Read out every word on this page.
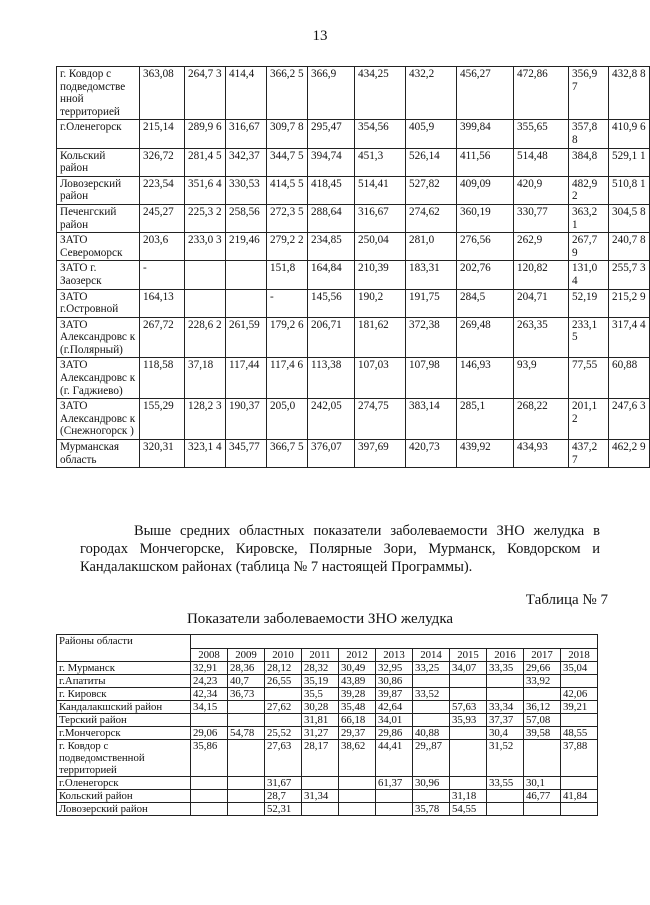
13
г. Ковдор с подведомстве нной территорией	363,08	264,7 3	414,4	366,2 5	366,9	434,25	432,2	456,27	472,86	356,9 7	432,8 8
г.Оленегорск	215,14	289,9 6	316,67	309,7 8	295,47	354,56	405,9	399,84	355,65	357,8 8	410,9 6
Кольский район	326,72	281,4 5	342,37	344,7 5	394,74	451,3	526,14	411,56	514,48	384,8	529,1 1
Ловозерский район	223,54	351,6 4	330,53	414,5 5	418,45	514,41	527,82	409,09	420,9	482,9 2	510,8 1
Печенгский район	245,27	225,3 2	258,56	272,3 5	288,64	316,67	274,62	360,19	330,77	363,2 1	304,5 8
ЗАТО Североморск	203,6	233,0 3	219,46	279,2 2	234,85	250,04	281,0	276,56	262,9	267,7 9	240,7 8
ЗАТО г. Заозерск	-			151,8	164,84	210,39	183,31	202,76	120,82	131,0 4	255,7 3
ЗАТО г.Островной	164,13			-	145,56	190,2	191,75	284,5	204,71	52,19	215,2 9
ЗАТО Александровс к (г.Полярный)	267,72	228,6 2	261,59	179,2 6	206,71	181,62	372,38	269,48	263,35	233,1 5	317,4 4
ЗАТО Александровс к (г. Гаджиево)	118,58	37,18	117,44	117,4 6	113,38	107,03	107,98	146,93	93,9	77,55	60,88
ЗАТО Александровс к (Снежногорск )	155,29	128,2 3	190,37	205,0	242,05	274,75	383,14	285,1	268,22	201,1 2	247,6 3
Мурманская область	320,31	323,1 4	345,77	366,7 5	376,07	397,69	420,73	439,92	434,93	437,2 7	462,2 9
Выше средних областных показатели заболеваемости ЗНО желудка в городах Мончегорске, Кировске, Полярные Зори, Мурманск, Ковдорском и Кандалакшском районах (таблица № 7 настоящей Программы).
Таблица № 7
Показатели заболеваемости ЗНО желудка
Районы области											
	2008	2009	2010	2011	2012	2013	2014	2015	2016	2017	2018
г. Мурманск	32,91	28,36	28,12	28,32	30,49	32,95	33,25	34,07	33,35	29,66	35,04
г.Апатиты	24,23	40,7	26,55	35,19	43,89	30,86				33,92	
г. Кировск	42,34	36,73		35,5	39,28	39,87	33,52				42,06
Кандалакшский район	34,15		27,62	30,28	35,48	42,64		57,63	33,34	36,12	39,21
Терский район				31,81	66,18	34,01		35,93	37,37	57,08	
г.Мончегорск	29,06	54,78	25,52	31,27	29,37	29,86	40,88		30,4	39,58	48,55
г. Ковдор с подведомственной территорией	35,86		27,63	28,17	38,62	44,41	29,,87		31,52		37,88
г.Оленегорск			31,67			61,37	30,96		33,55	30,1	
Кольский район			28,7	31,34				31,18		46,77	41,84
Ловозерский район			52,31				35,78	54,55			
